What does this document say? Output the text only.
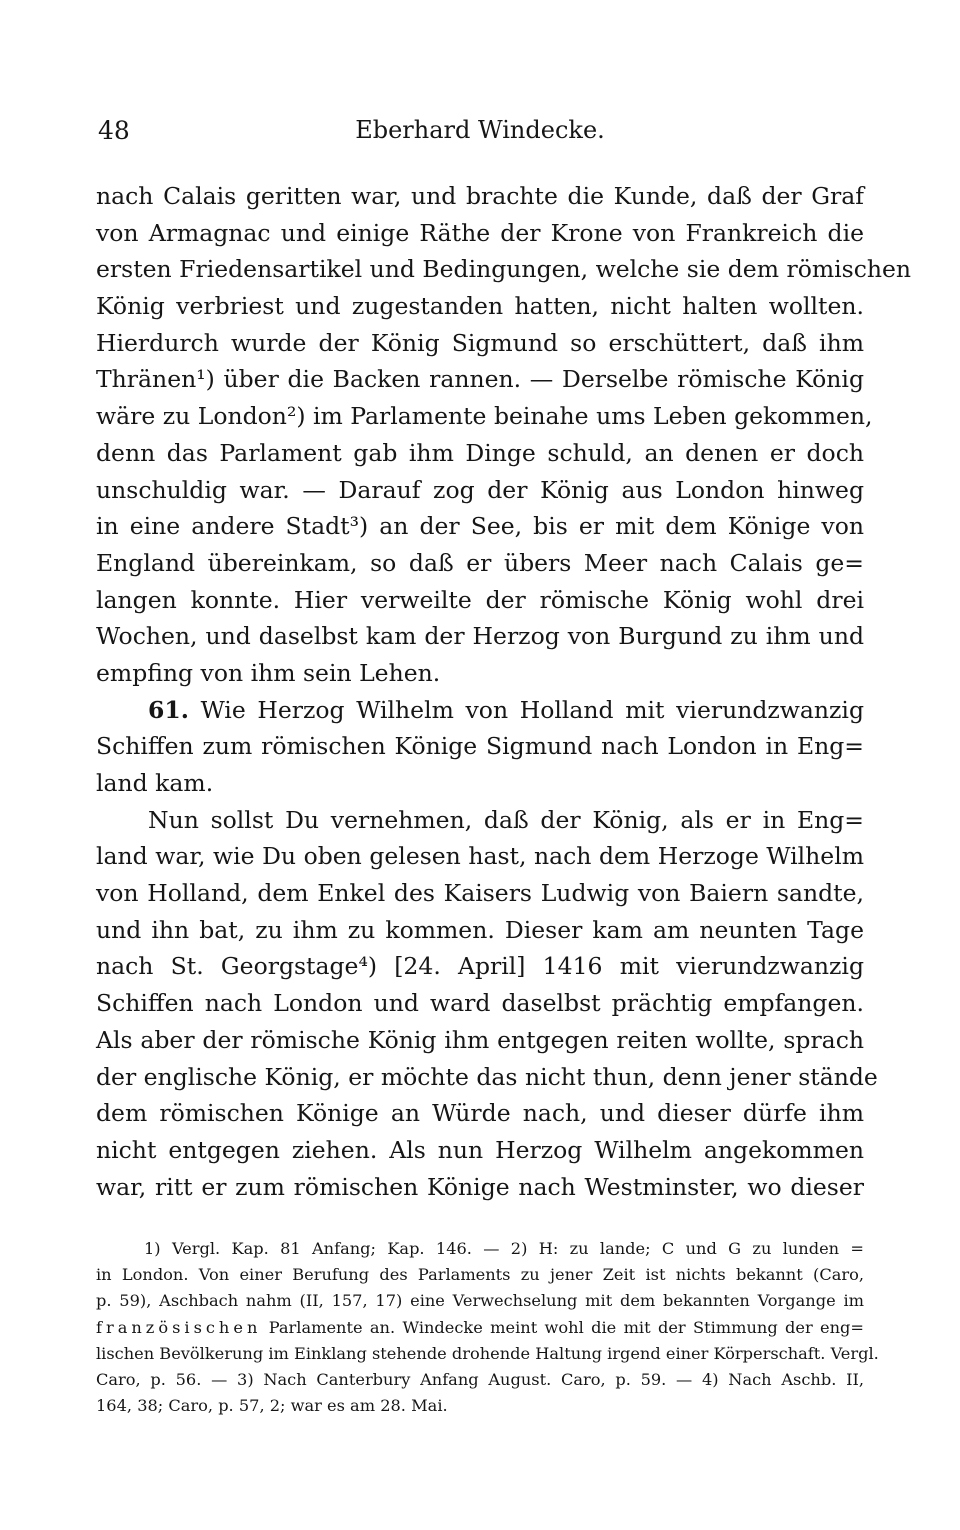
48	Eberhard Windecke.
nach Calais geritten war, und brachte die Kunde, daß der Graf
von Armagnac und einige Räthe der Krone von Frankreich die
ersten Friedensartikel und Bedingungen, welche sie dem römischen
König verbriest und zugestanden hatten, nicht halten wollten.
Hierdurch wurde der König Sigmund so erschüttert, daß ihm
Thränen¹) über die Backen rannen. — Derselbe römische König
wäre zu London²) im Parlamente beinahe ums Leben gekommen,
denn das Parlament gab ihm Dinge schuld, an denen er doch
unschuldig war. — Darauf zog der König aus London hinweg
in eine andere Stadt³) an der See, bis er mit dem Könige von
England übereinkam, so daß er übers Meer nach Calais ge=
langen konnte. Hier verweilte der römische König wohl drei
Wochen, und daselbst kam der Herzog von Burgund zu ihm und
empfing von ihm sein Lehen.
61. Wie Herzog Wilhelm von Holland mit vierundzwanzig
Schiffen zum römischen Könige Sigmund nach London in Eng=
land kam.
Nun sollst Du vernehmen, daß der König, als er in Eng=
land war, wie Du oben gelesen hast, nach dem Herzoge Wilhelm
von Holland, dem Enkel des Kaisers Ludwig von Baiern sandte,
und ihn bat, zu ihm zu kommen. Dieser kam am neunten Tage
nach St. Georgstage⁴) [24. April] 1416 mit vierundzwanzig
Schiffen nach London und ward daselbst prächtig empfangen.
Als aber der römische König ihm entgegen reiten wollte, sprach
der englische König, er möchte das nicht thun, denn jener stände
dem römischen Könige an Würde nach, und dieser dürfe ihm
nicht entgegen ziehen. Als nun Herzog Wilhelm angekommen
war, ritt er zum römischen Könige nach Westminster, wo dieser
1) Vergl. Kap. 81 Anfang; Kap. 146. — 2) H: zu lande; C und G zu lunden =
in London. Von einer Berufung des Parlaments zu jener Zeit ist nichts bekannt (Caro,
p. 59), Aschbach nahm (II, 157, 17) eine Verwechselung mit dem bekannten Vorgange im
französischen Parlamente an. Windecke meint wohl die mit der Stimmung der eng=
lischen Bevölkerung im Einklang stehende drohende Haltung irgend einer Körperschaft. Vergl.
Caro, p. 56. — 3) Nach Canterbury Anfang August. Caro, p. 59. — 4) Nach Aschb. II,
164, 38; Caro, p. 57, 2; war es am 28. Mai.
